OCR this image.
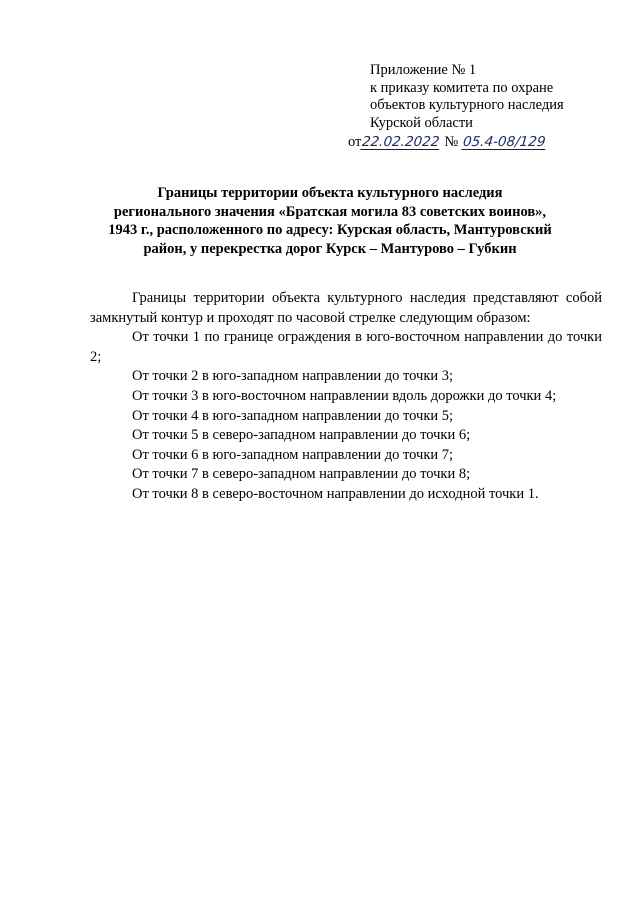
Приложение № 1
к приказу комитета по охране
объектов культурного наследия
Курской области
от22.02.2022 № 05.4-08/129
Границы территории объекта культурного наследия
регионального значения «Братская могила 83 советских воинов»,
1943 г., расположенного по адресу: Курская область, Мантуровский
район, у перекрестка дорог Курск – Мантурово – Губкин

Границы территории объекта культурного наследия представляют собой замкнутый контур и проходят по часовой стрелке следующим образом:

От точки 1 по границе ограждения в юго-восточном направлении до точки 2;

От точки 2 в юго-западном направлении до точки 3;

От точки 3 в юго-восточном направлении вдоль дорожки до точки 4;

От точки 4 в юго-западном направлении до точки 5;

От точки 5 в северо-западном направлении до точки 6;

От точки 6 в юго-западном направлении до точки 7;

От точки 7 в северо-западном направлении до точки 8;

От точки 8 в северо-восточном направлении до исходной точки 1.
